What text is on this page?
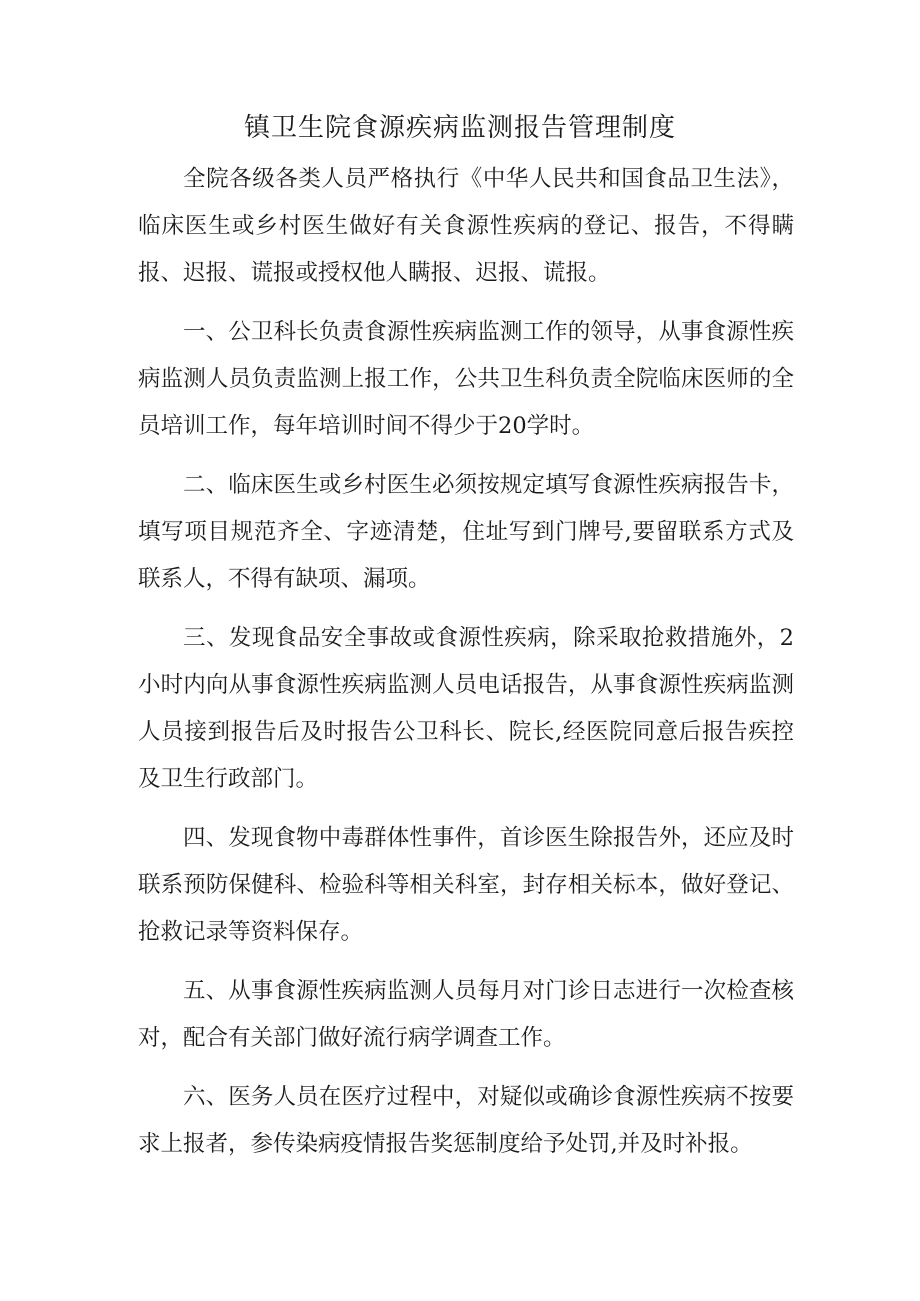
镇卫生院食源疾病监测报告管理制度

全院各级各类人员严格执行《中华人民共和国食品卫生法》，临床医生或乡村医生做好有关食源性疾病的登记、报告，不得瞒报、迟报、谎报或授权他人瞒报、迟报、谎报。

一、公卫科长负责食源性疾病监测工作的领导，从事食源性疾病监测人员负责监测上报工作，公共卫生科负责全院临床医师的全员培训工作，每年培训时间不得少于20学时。

二、临床医生或乡村医生必须按规定填写食源性疾病报告卡，填写项目规范齐全、字迹清楚，住址写到门牌号,要留联系方式及联系人，不得有缺项、漏项。

三、发现食品安全事故或食源性疾病，除采取抢救措施外，2小时内向从事食源性疾病监测人员电话报告，从事食源性疾病监测人员接到报告后及时报告公卫科长、院长,经医院同意后报告疾控及卫生行政部门。

四、发现食物中毒群体性事件，首诊医生除报告外，还应及时联系预防保健科、检验科等相关科室，封存相关标本，做好登记、抢救记录等资料保存。

五、从事食源性疾病监测人员每月对门诊日志进行一次检查核对，配合有关部门做好流行病学调查工作。

六、医务人员在医疗过程中，对疑似或确诊食源性疾病不按要求上报者，参传染病疫情报告奖惩制度给予处罚,并及时补报。
